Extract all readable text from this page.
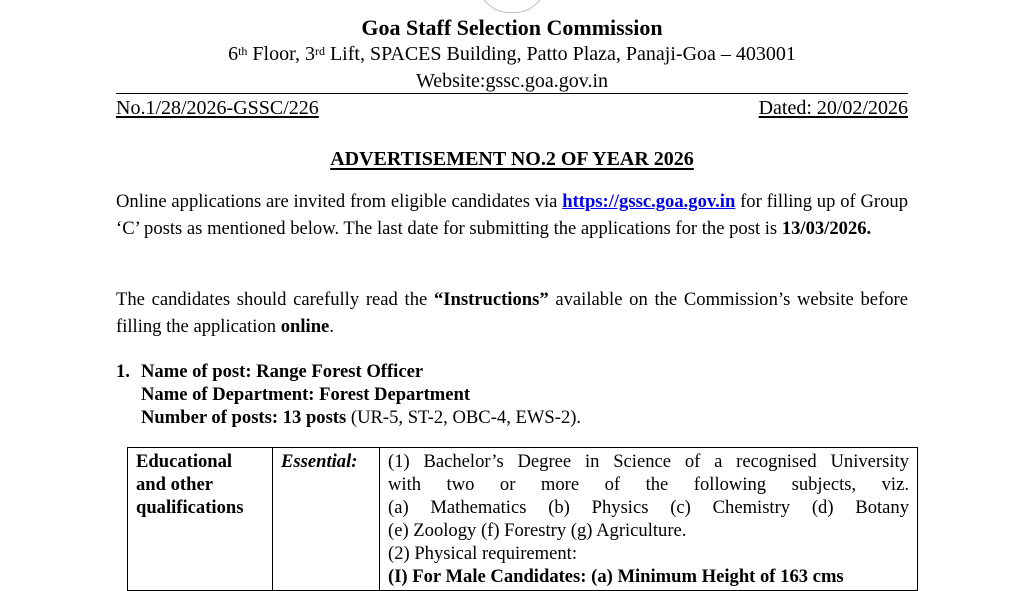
Goa Staff Selection Commission
6th Floor, 3rd Lift, SPACES Building, Patto Plaza, Panaji-Goa – 403001
Website:gssc.goa.gov.in
No.1/28/2026-GSSC/226	Dated: 20/02/2026
ADVERTISEMENT NO.2 OF YEAR 2026
Online applications are invited from eligible candidates via https://gssc.goa.gov.in for filling up of Group ‘C’ posts as mentioned below. The last date for submitting the applications for the post is 13/03/2026.
The candidates should carefully read the “Instructions” available on the Commission’s website before filling the application online.
1. Name of post: Range Forest Officer
Name of Department: Forest Department
Number of posts: 13 posts (UR-5, ST-2, OBC-4, EWS-2).
Educational and other qualifications	Essential:	(1) Bachelor’s Degree in Science of a recognised University
with two or more of the following subjects, viz.
(a) Mathematics (b) Physics (c) Chemistry (d) Botany
(e) Zoology (f) Forestry (g) Agriculture.
(2) Physical requirement:
(I) For Male Candidates: (a) Minimum Height of 163 cms
